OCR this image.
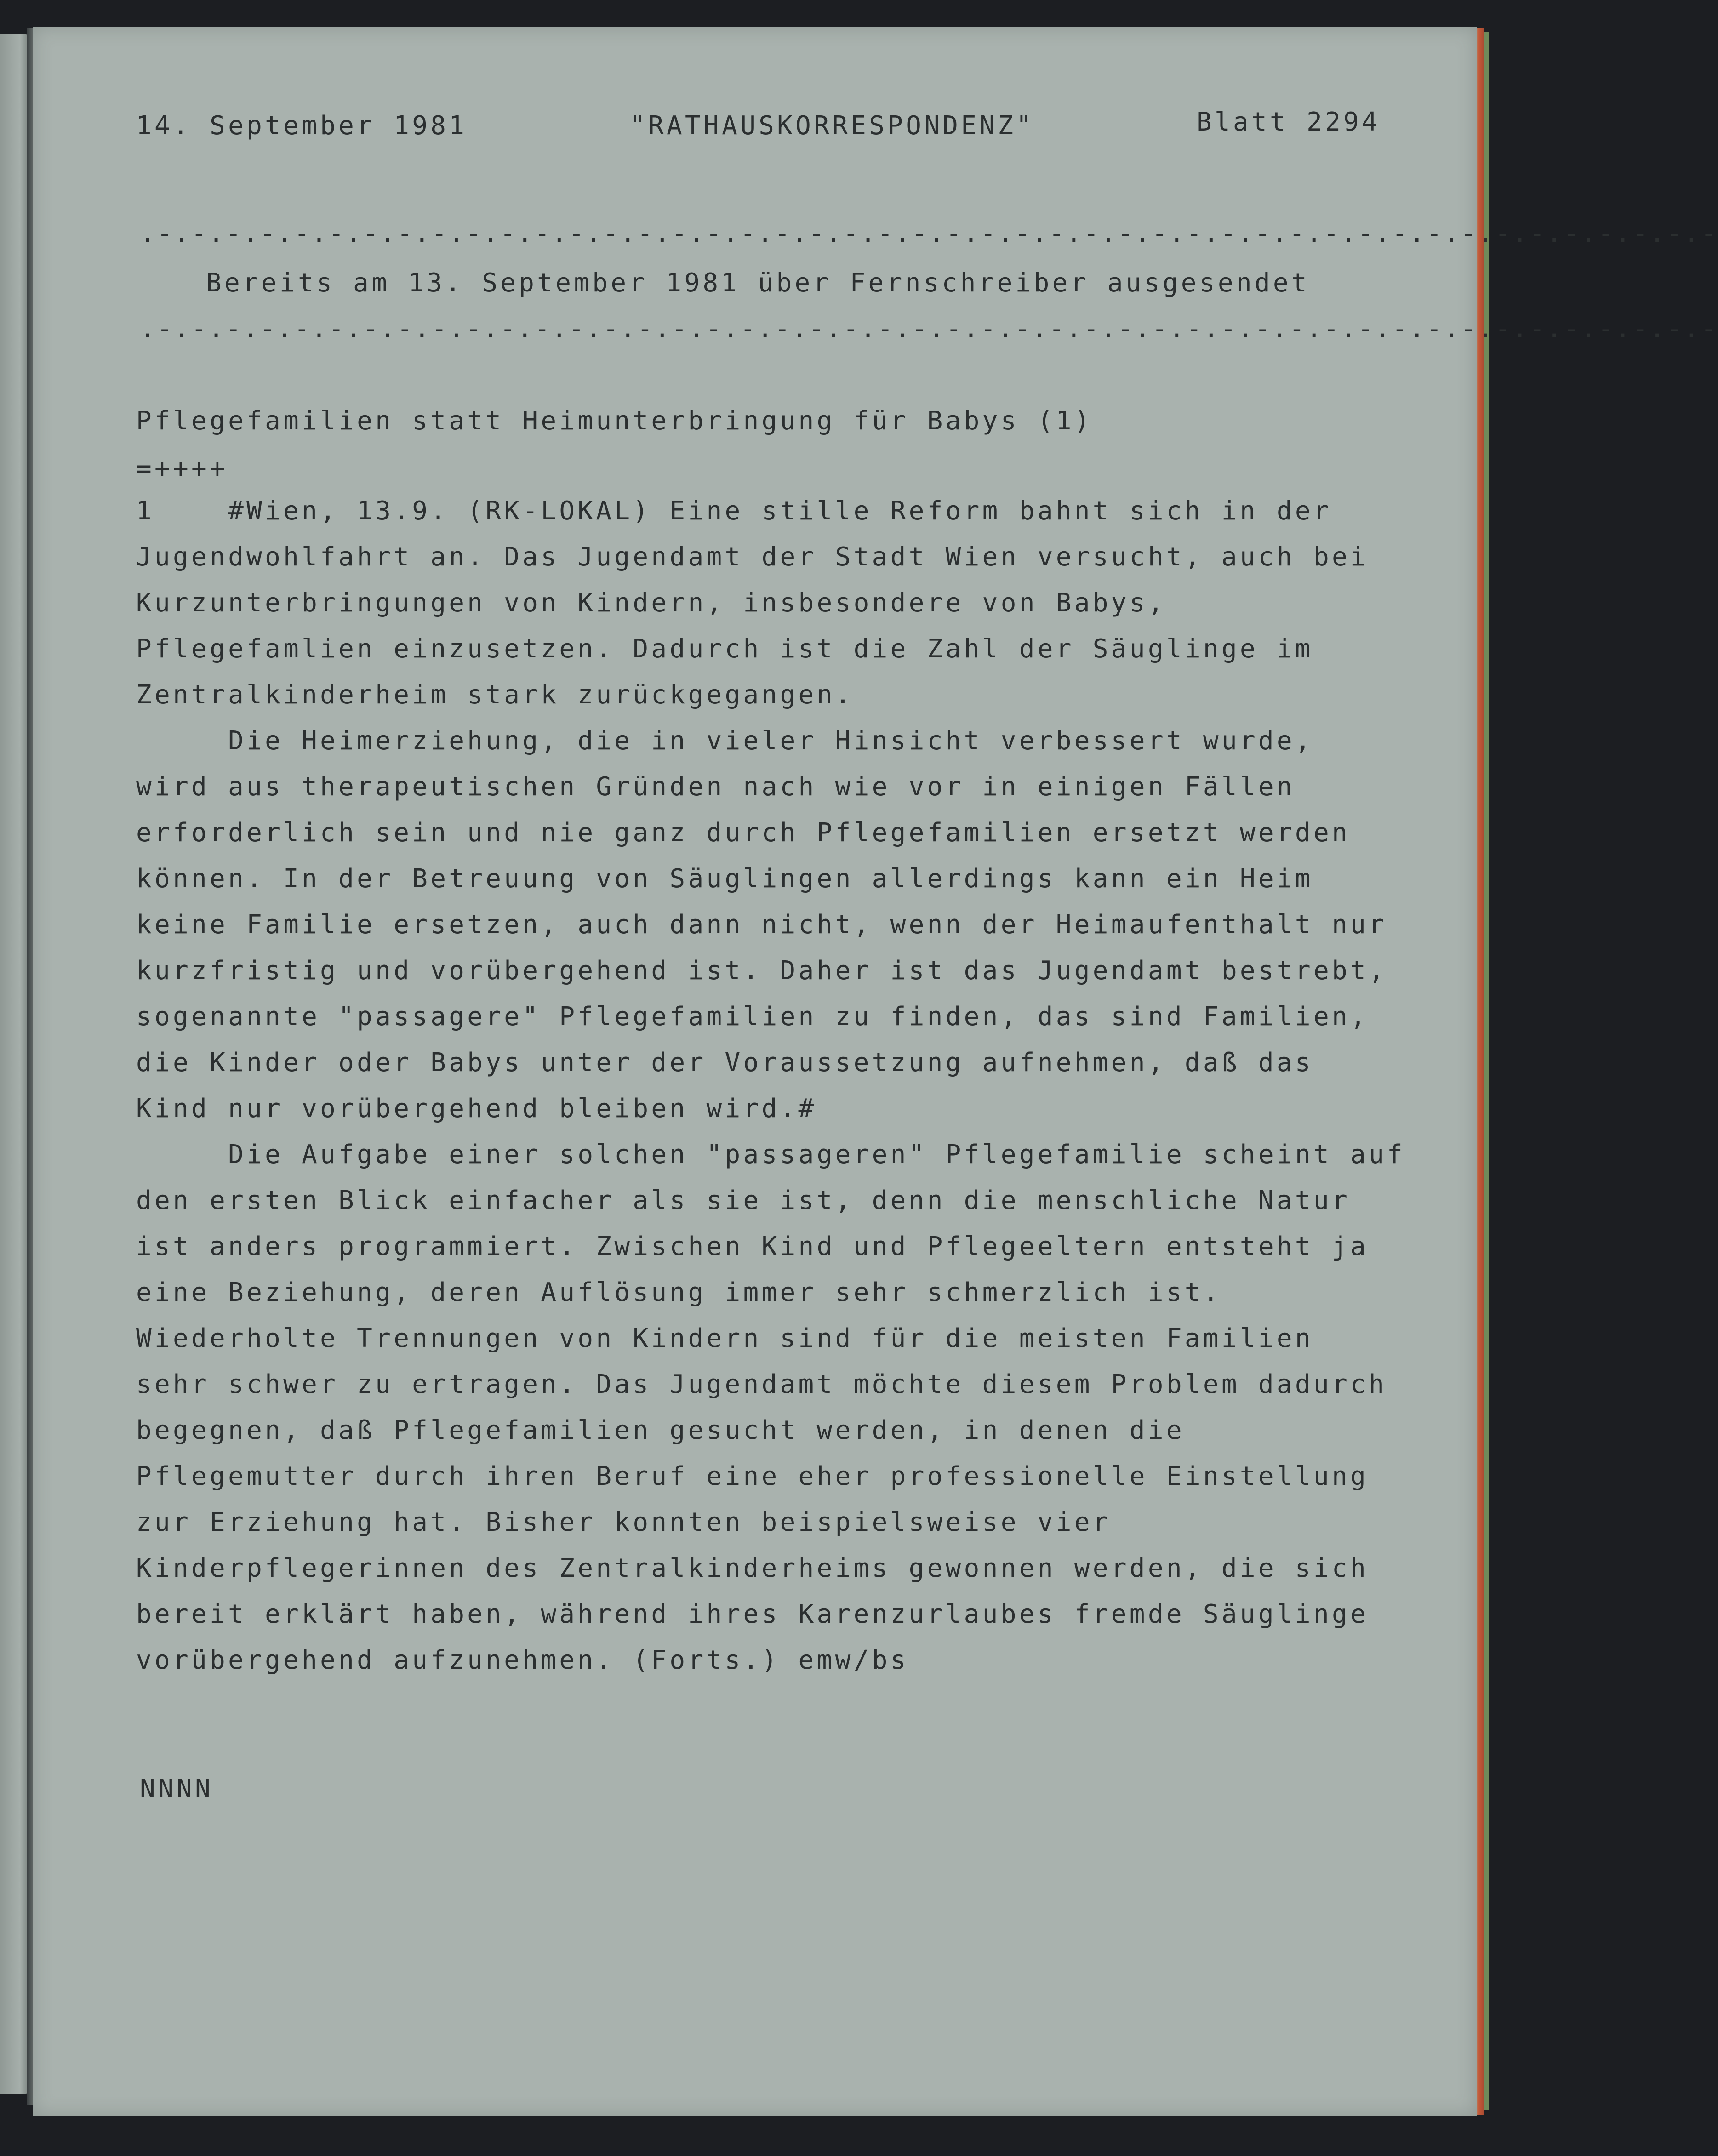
14. September 1981	"RATHAUSKORRESPONDENZ"	Blatt 2294
.-.-.-.-.-.-.-.-.-.-.-.-.-.-.-.-.-.-.-.-.-.-.-.-.-.-.-.-.-.-.-.-.-.-.-.-.-.-.-.-.-.-.-.-.-.-
Bereits am 13. September 1981 über Fernschreiber ausgesendet
.-.-.-.-.-.-.-.-.-.-.-.-.-.-.-.-.-.-.-.-.-.-.-.-.-.-.-.-.-.-.-.-.-.-.-.-.-.-.-.-.-.-.-.-.-.-
Pflegefamilien statt Heimunterbringung für Babys (1)
=++++
1    #Wien, 13.9. (RK-LOKAL) Eine stille Reform bahnt sich in der
Jugendwohlfahrt an. Das Jugendamt der Stadt Wien versucht, auch bei
Kurzunterbringungen von Kindern, insbesondere von Babys,
Pflegefamlien einzusetzen. Dadurch ist die Zahl der Säuglinge im
Zentralkinderheim stark zurückgegangen.
Die Heimerziehung, die in vieler Hinsicht verbessert wurde,
wird aus therapeutischen Gründen nach wie vor in einigen Fällen
erforderlich sein und nie ganz durch Pflegefamilien ersetzt werden
können. In der Betreuung von Säuglingen allerdings kann ein Heim
keine Familie ersetzen, auch dann nicht, wenn der Heimaufenthalt nur
kurzfristig und vorübergehend ist. Daher ist das Jugendamt bestrebt,
sogenannte "passagere" Pflegefamilien zu finden, das sind Familien,
die Kinder oder Babys unter der Voraussetzung aufnehmen, daß das
Kind nur vorübergehend bleiben wird.#
Die Aufgabe einer solchen "passageren" Pflegefamilie scheint auf
den ersten Blick einfacher als sie ist, denn die menschliche Natur
ist anders programmiert. Zwischen Kind und Pflegeeltern entsteht ja
eine Beziehung, deren Auflösung immer sehr schmerzlich ist.
Wiederholte Trennungen von Kindern sind für die meisten Familien
sehr schwer zu ertragen. Das Jugendamt möchte diesem Problem dadurch
begegnen, daß Pflegefamilien gesucht werden, in denen die
Pflegemutter durch ihren Beruf eine eher professionelle Einstellung
zur Erziehung hat. Bisher konnten beispielsweise vier
Kinderpflegerinnen des Zentralkinderheims gewonnen werden, die sich
bereit erklärt haben, während ihres Karenzurlaubes fremde Säuglinge
vorübergehend aufzunehmen. (Forts.) emw/bs
NNNN
